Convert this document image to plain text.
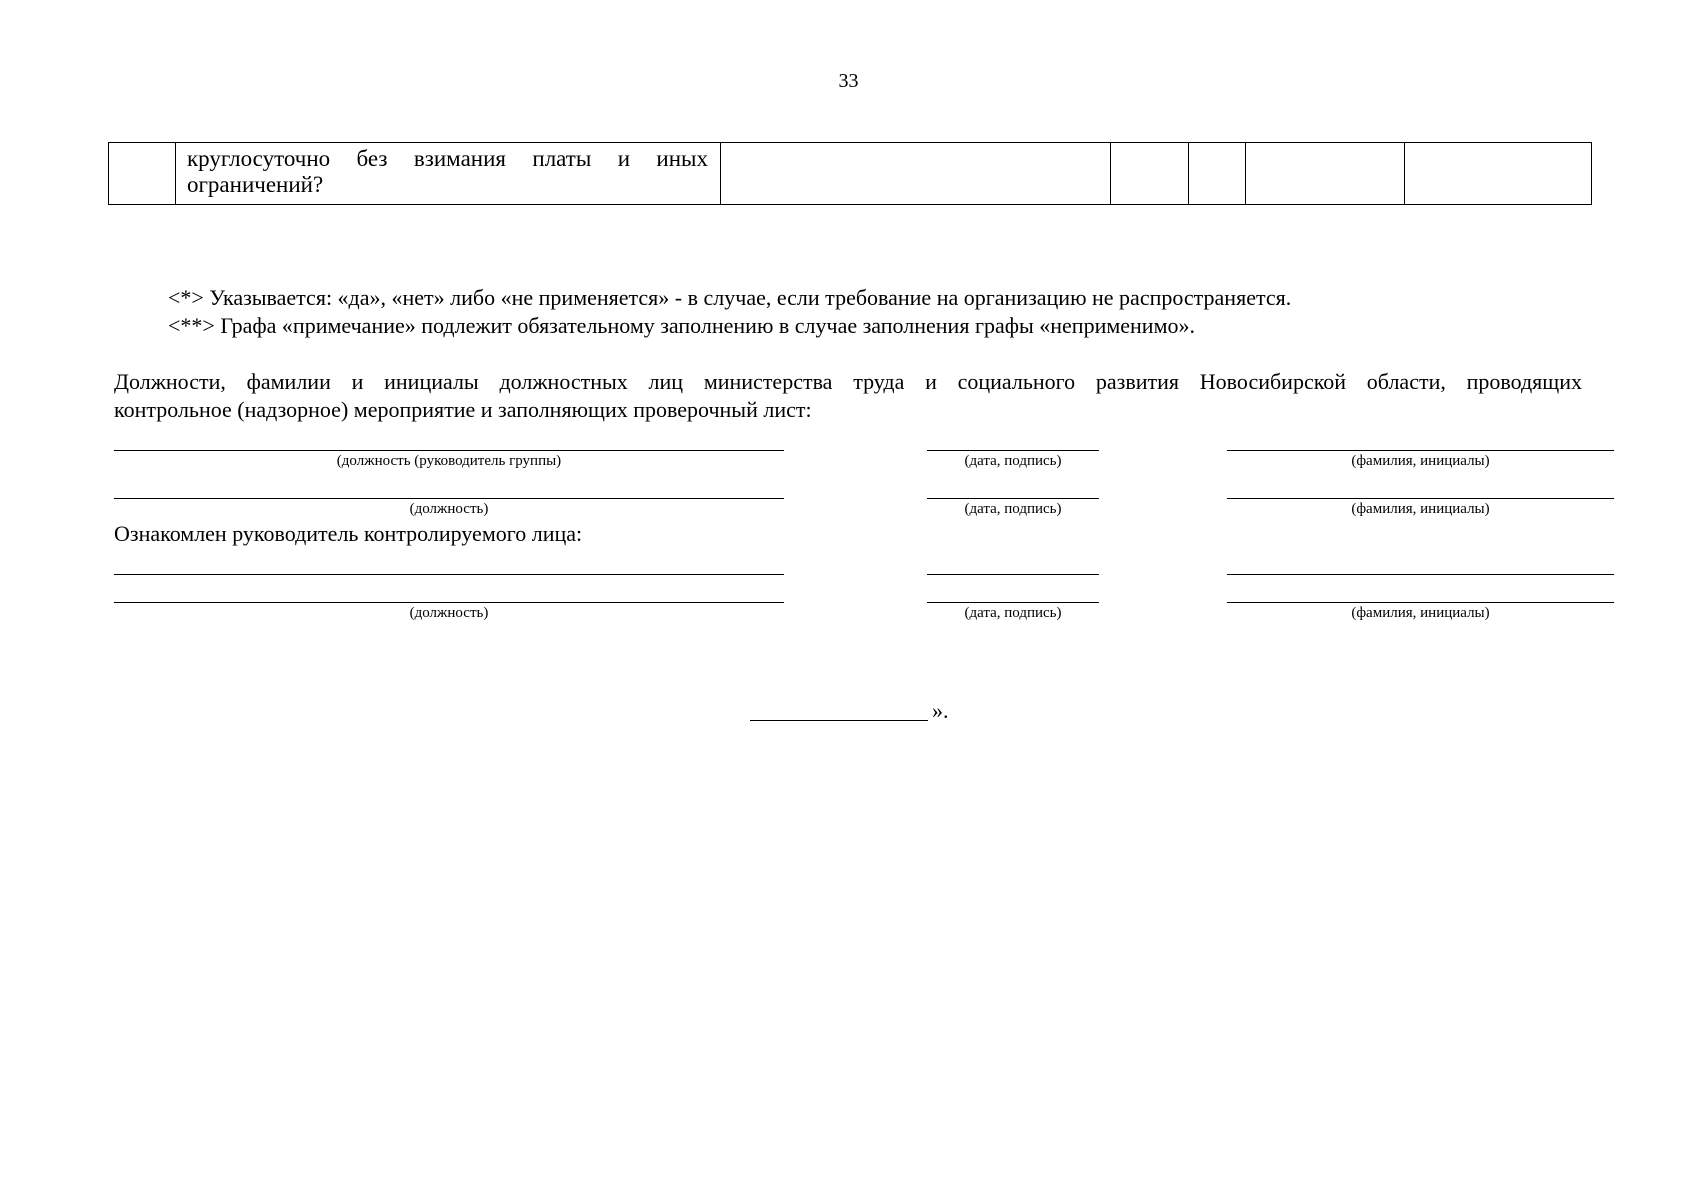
33
	круглосуточно без взимания платы и иных ограничений?					
<*> Указывается: «да», «нет» либо «не применяется» - в случае, если требование на организацию не распространяется.
<**> Графа «примечание» подлежит обязательному заполнению в случае заполнения графы «неприменимо».
Должности, фамилии и инициалы должностных лиц министерства труда и социального развития Новосибирской области, проводящих
контрольное (надзорное) мероприятие и заполняющих проверочный лист:
(должность (руководитель группы)	(дата, подпись)	(фамилия, инициалы)
(должность)	(дата, подпись)	(фамилия, инициалы)
Ознакомлен руководитель контролируемого лица:
(должность)	(дата, подпись)	(фамилия, инициалы)
».
